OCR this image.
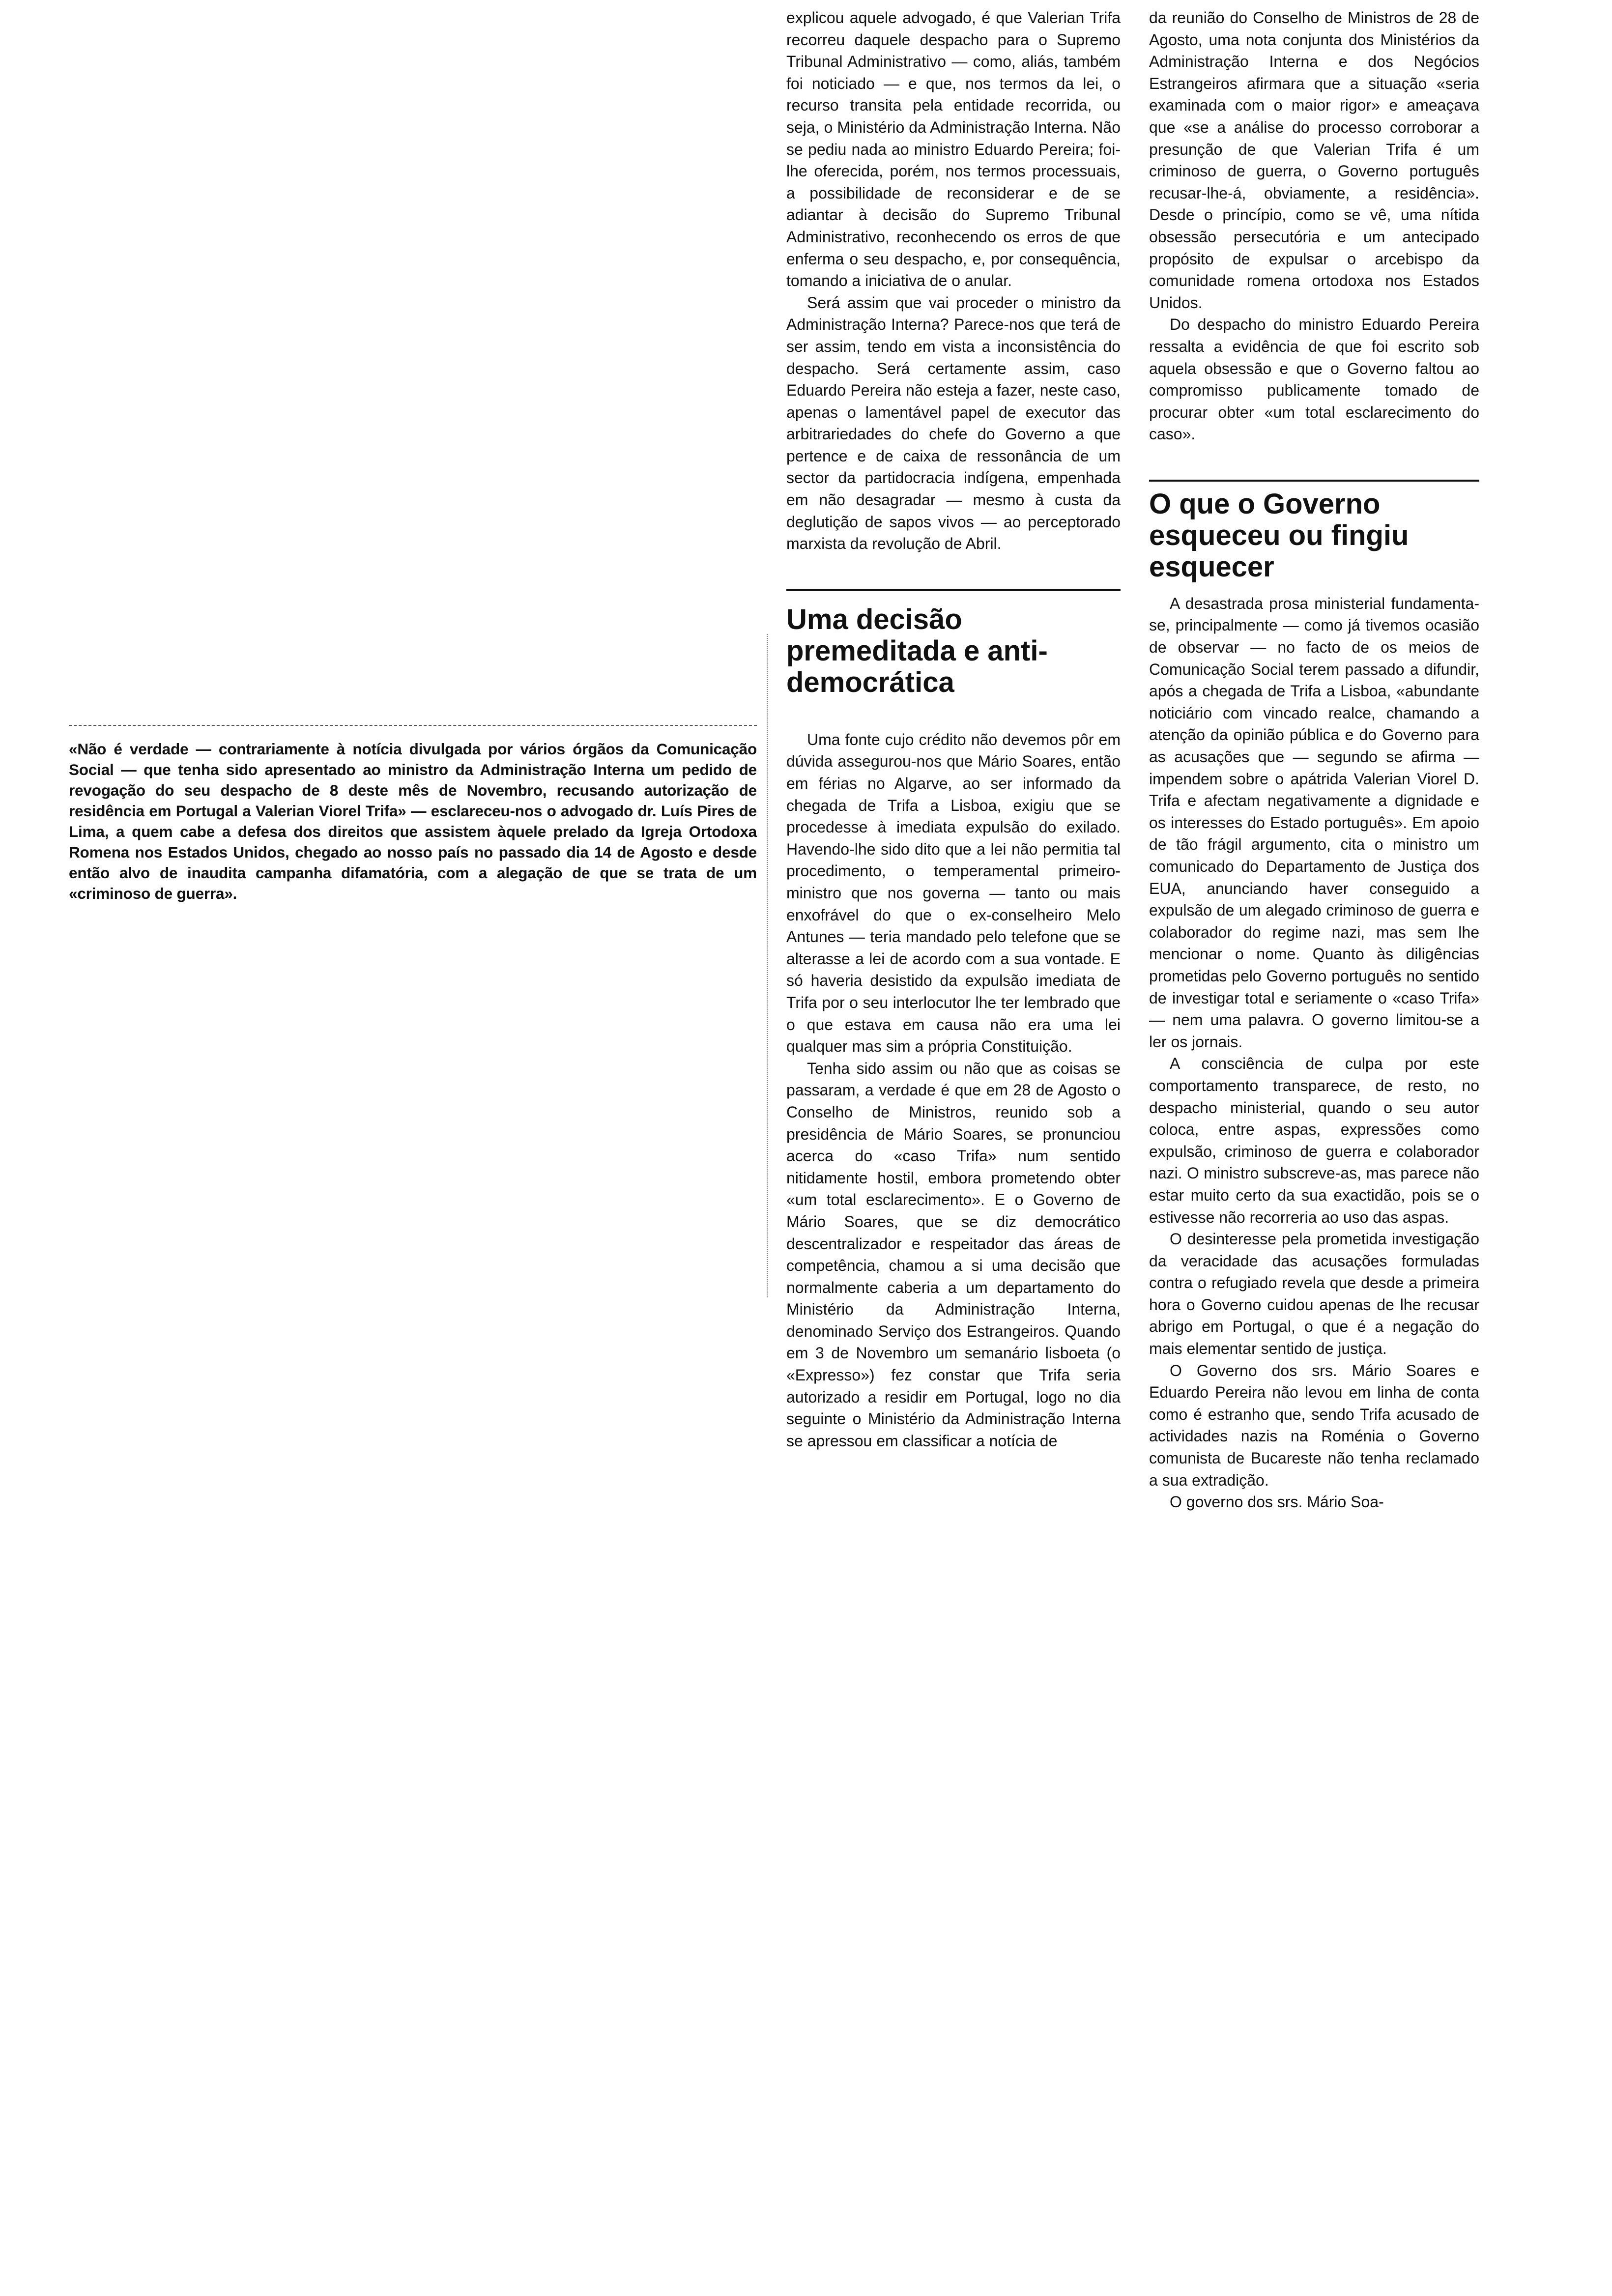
«Não é verdade — contrariamente à notícia divulgada por vários órgãos da Comunicação Social — que tenha sido apresentado ao ministro da Administração Interna um pedido de revogação do seu despacho de 8 deste mês de Novembro, recusando autorização de residência em Portugal a Valerian Viorel Trifa» — esclareceu-nos o advogado dr. Luís Pires de Lima, a quem cabe a defesa dos direitos que assistem àquele prelado da Igreja Ortodoxa Romena nos Estados Unidos, chegado ao nosso país no passado dia 14 de Agosto e desde então alvo de inaudita campanha difamatória, com a alegação de que se trata de um «criminoso de guerra».

explicou aquele advogado, é que Valerian Trifa recorreu daquele despacho para o Supremo Tribunal Administrativo — como, aliás, também foi noticiado — e que, nos termos da lei, o recurso transita pela entidade recorrida, ou seja, o Ministério da Administração Interna. Não se pediu nada ao ministro Eduardo Pereira; foi-lhe oferecida, porém, nos termos processuais, a possibilidade de reconsiderar e de se adiantar à decisão do Supremo Tribunal Administrativo, reconhecendo os erros de que enferma o seu despacho, e, por consequência, tomando a iniciativa de o anular.

Será assim que vai proceder o ministro da Administração Interna? Parece-nos que terá de ser assim, tendo em vista a inconsistência do despacho. Será certamente assim, caso Eduardo Pereira não esteja a fazer, neste caso, apenas o lamentável papel de executor das arbitrariedades do chefe do Governo a que pertence e de caixa de ressonância de um sector da partidocracia indígena, empenhada em não desagradar — mesmo à custa da deglutição de sapos vivos — ao perceptorado marxista da revolução de Abril.

Uma decisão premeditada e anti-democrática

Uma fonte cujo crédito não devemos pôr em dúvida assegurou-nos que Mário Soares, então em férias no Algarve, ao ser informado da chegada de Trifa a Lisboa, exigiu que se procedesse à imediata expulsão do exilado. Havendo-lhe sido dito que a lei não permitia tal procedimento, o temperamental primeiro-ministro que nos governa — tanto ou mais enxofrável do que o ex-conselheiro Melo Antunes — teria mandado pelo telefone que se alterasse a lei de acordo com a sua vontade. E só haveria desistido da expulsão imediata de Trifa por o seu interlocutor lhe ter lembrado que o que estava em causa não era uma lei qualquer mas sim a própria Constituição.

Tenha sido assim ou não que as coisas se passaram, a verdade é que em 28 de Agosto o Conselho de Ministros, reunido sob a presidência de Mário Soares, se pronunciou acerca do «caso Trifa» num sentido nitidamente hostil, embora prometendo obter «um total esclarecimento». E o Governo de Mário Soares, que se diz democrático descentralizador e respeitador das áreas de competência, chamou a si uma decisão que normalmente caberia a um departamento do Ministério da Administração Interna, denominado Serviço dos Estrangeiros. Quando em 3 de Novembro um semanário lisboeta (o «Expresso») fez constar que Trifa seria autorizado a residir em Portugal, logo no dia seguinte o Ministério da Administração Interna se apressou em classificar a notícia de

da reunião do Conselho de Ministros de 28 de Agosto, uma nota conjunta dos Ministérios da Administração Interna e dos Negócios Estrangeiros afirmara que a situação «seria examinada com o maior rigor» e ameaçava que «se a análise do processo corroborar a presunção de que Valerian Trifa é um criminoso de guerra, o Governo português recusar-lhe-á, obviamente, a residência». Desde o princípio, como se vê, uma nítida obsessão persecutória e um antecipado propósito de expulsar o arcebispo da comunidade romena ortodoxa nos Estados Unidos.

Do despacho do ministro Eduardo Pereira ressalta a evidência de que foi escrito sob aquela obsessão e que o Governo faltou ao compromisso publicamente tomado de procurar obter «um total esclarecimento do caso».

O que o Governo esqueceu ou fingiu esquecer

A desastrada prosa ministerial fundamenta-se, principalmente — como já tivemos ocasião de observar — no facto de os meios de Comunicação Social terem passado a difundir, após a chegada de Trifa a Lisboa, «abundante noticiário com vincado realce, chamando a atenção da opinião pública e do Governo para as acusações que — segundo se afirma — impendem sobre o apátrida Valerian Viorel D. Trifa e afectam negativamente a dignidade e os interesses do Estado português». Em apoio de tão frágil argumento, cita o ministro um comunicado do Departamento de Justiça dos EUA, anunciando haver conseguido a expulsão de um alegado criminoso de guerra e colaborador do regime nazi, mas sem lhe mencionar o nome. Quanto às diligências prometidas pelo Governo português no sentido de investigar total e seriamente o «caso Trifa» — nem uma palavra. O governo limitou-se a ler os jornais.

A consciência de culpa por este comportamento transparece, de resto, no despacho ministerial, quando o seu autor coloca, entre aspas, expressões como expulsão, criminoso de guerra e colaborador nazi. O ministro subscreve-as, mas parece não estar muito certo da sua exactidão, pois se o estivesse não recorreria ao uso das aspas.

O desinteresse pela prometida investigação da veracidade das acusações formuladas contra o refugiado revela que desde a primeira hora o Governo cuidou apenas de lhe recusar abrigo em Portugal, o que é a negação do mais elementar sentido de justiça.

O Governo dos srs. Mário Soares e Eduardo Pereira não levou em linha de conta como é estranho que, sendo Trifa acusado de actividades nazis na Roménia o Governo comunista de Bucareste não tenha reclamado a sua extradição.

O governo dos srs. Mário Soa-
